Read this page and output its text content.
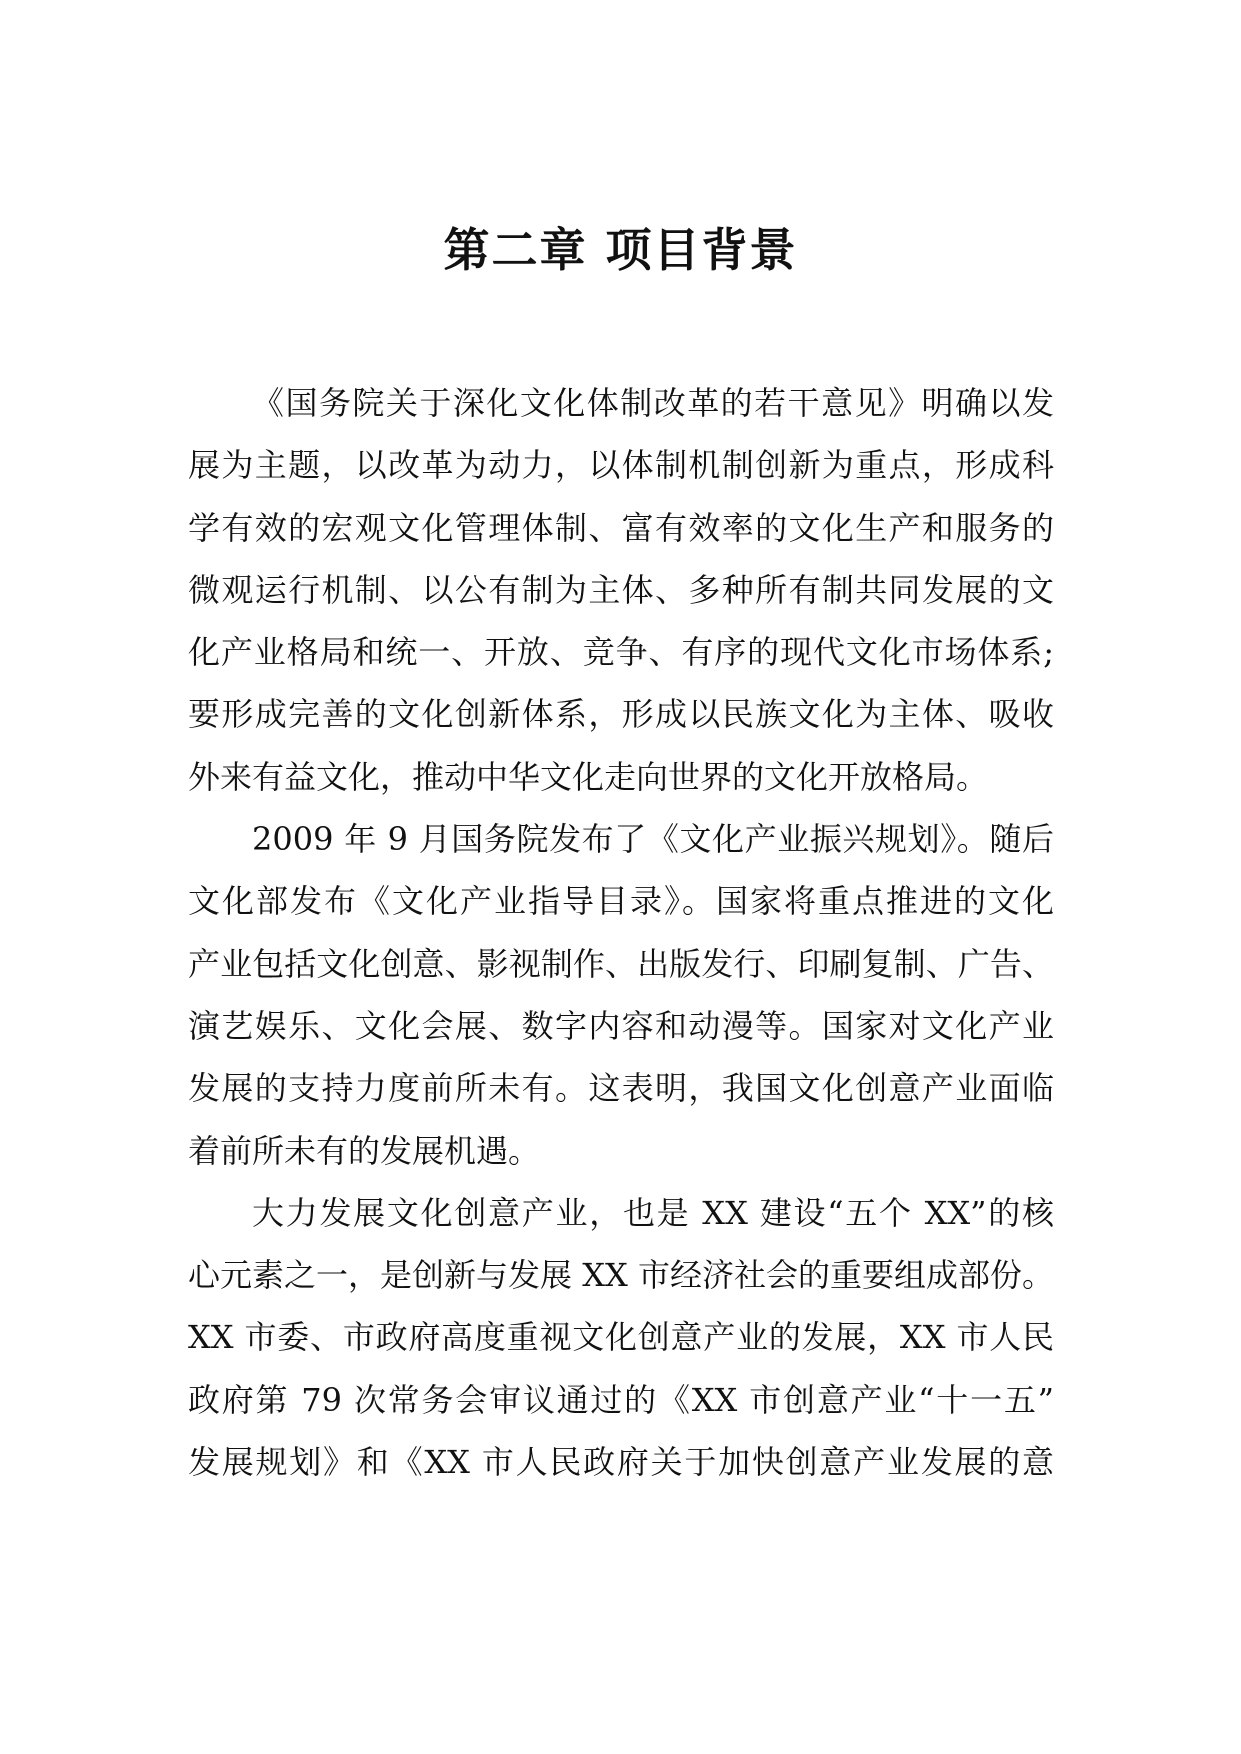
第二章 项目背景
《国务院关于深化文化体制改革的若干意见》明确以发
展为主题，以改革为动力，以体制机制创新为重点，形成科
学有效的宏观文化管理体制、富有效率的文化生产和服务的
微观运行机制、以公有制为主体、多种所有制共同发展的文
化产业格局和统一、开放、竞争、有序的现代文化市场体系;
要形成完善的文化创新体系，形成以民族文化为主体、吸收
外来有益文化，推动中华文化走向世界的文化开放格局。
2009 年 9 月国务院发布了《文化产业振兴规划》。随后
文化部发布《文化产业指导目录》。国家将重点推进的文化
产业包括文化创意、影视制作、出版发行、印刷复制、广告、
演艺娱乐、文化会展、数字内容和动漫等。国家对文化产业
发展的支持力度前所未有。这表明，我国文化创意产业面临
着前所未有的发展机遇。
大力发展文化创意产业，也是 XX 建设“五个 XX”的核
心元素之一，是创新与发展 XX 市经济社会的重要组成部份。
XX 市委、市政府高度重视文化创意产业的发展，XX 市人民
政府第 79 次常务会审议通过的《XX 市创意产业“十一五”
发展规划》和《XX 市人民政府关于加快创意产业发展的意
